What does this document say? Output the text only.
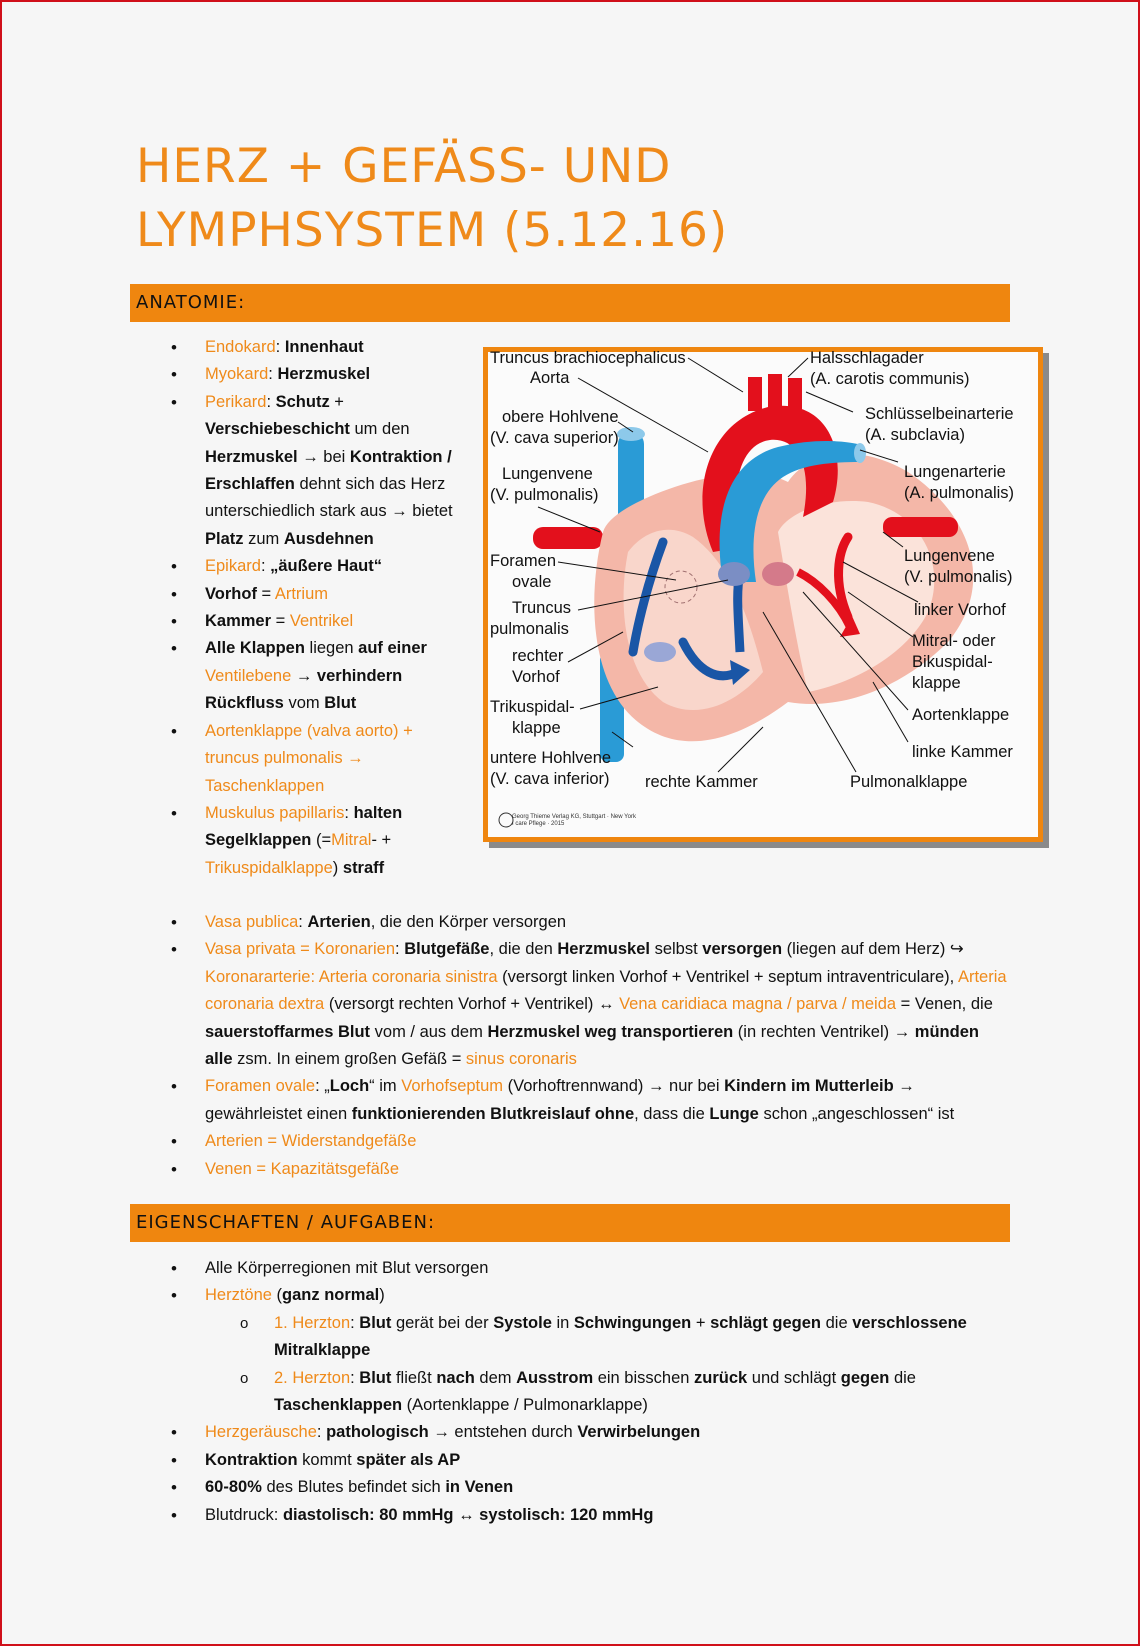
HERZ + GEFÄSS- UND LYMPHSYSTEM (5.12.16)
ANATOMIE:
• Endokard: Innenhaut
• Myokard: Herzmuskel
• Perikard: Schutz + Verschiebeschicht um den Herzmuskel → bei Kontraktion / Erschlaffen dehnt sich das Herz unterschiedlich stark aus → bietet Platz zum Ausdehnen
• Epikard: „äußere Haut“
• Vorhof = Artrium
• Kammer = Ventrikel
• Alle Klappen liegen auf einer Ventilebene → verhindern Rückfluss vom Blut
• Aortenklappe (valva aorto) + truncus pulmonalis → Taschenklappen
• Muskulus papillaris: halten Segelklappen (=Mitral- + Trikuspidalklappe) straff
Truncus brachiocephalicus
Aorta
obere Hohlvene
(V. cava superior)
Lungenvene
(V. pulmonalis)
Foramen
ovale
Truncus
pulmonalis
rechter
Vorhof
Trikuspidal-
klappe
untere Hohlvene
(V. cava inferior) rechte Kammer
Halsschlagader
(A. carotis communis)
Schlüsselbeinarterie
(A. subclavia)
Lungenarterie
(A. pulmonalis)
Lungenvene
(V. pulmonalis)
linker Vorhof
Mitral- oder
Bikuspidal-
klappe
Aortenklappe
linke Kammer
Pulmonalklappe
Georg Thieme Verlag KG, Stuttgart · New York
I care Pflege · 2015
• Vasa publica: Arterien, die den Körper versorgen
• Vasa privata = Koronarien: Blutgefäße, die den Herzmuskel selbst versorgen (liegen auf dem Herz) ↪ Koronararterie: Arteria coronaria sinistra (versorgt linken Vorhof + Ventrikel + septum intraventriculare), Arteria coronaria dextra (versorgt rechten Vorhof + Ventrikel) ↔ Vena caridiaca magna / parva / meida = Venen, die sauerstoffarmes Blut vom / aus dem Herzmuskel weg transportieren (in rechten Ventrikel) → münden alle zsm. In einem großen Gefäß = sinus coronaris
• Foramen ovale: „Loch“ im Vorhofseptum (Vorhoftrennwand) → nur bei Kindern im Mutterleib → gewährleistet einen funktionierenden Blutkreislauf ohne, dass die Lunge schon „angeschlossen“ ist
• Arterien = Widerstandgefäße
• Venen = Kapazitätsgefäße
EIGENSCHAFTEN / AUFGABEN:
• Alle Körperregionen mit Blut versorgen
• Herztöne (ganz normal)
o 1. Herzton: Blut gerät bei der Systole in Schwingungen + schlägt gegen die verschlossene Mitralklappe
o 2. Herzton: Blut fließt nach dem Ausstrom ein bisschen zurück und schlägt gegen die Taschenklappen (Aortenklappe / Pulmonarklappe)
• Herzgeräusche: pathologisch → entstehen durch Verwirbelungen
• Kontraktion kommt später als AP
• 60-80% des Blutes befindet sich in Venen
• Blutdruck: diastolisch: 80 mmHg ↔ systolisch: 120 mmHg
